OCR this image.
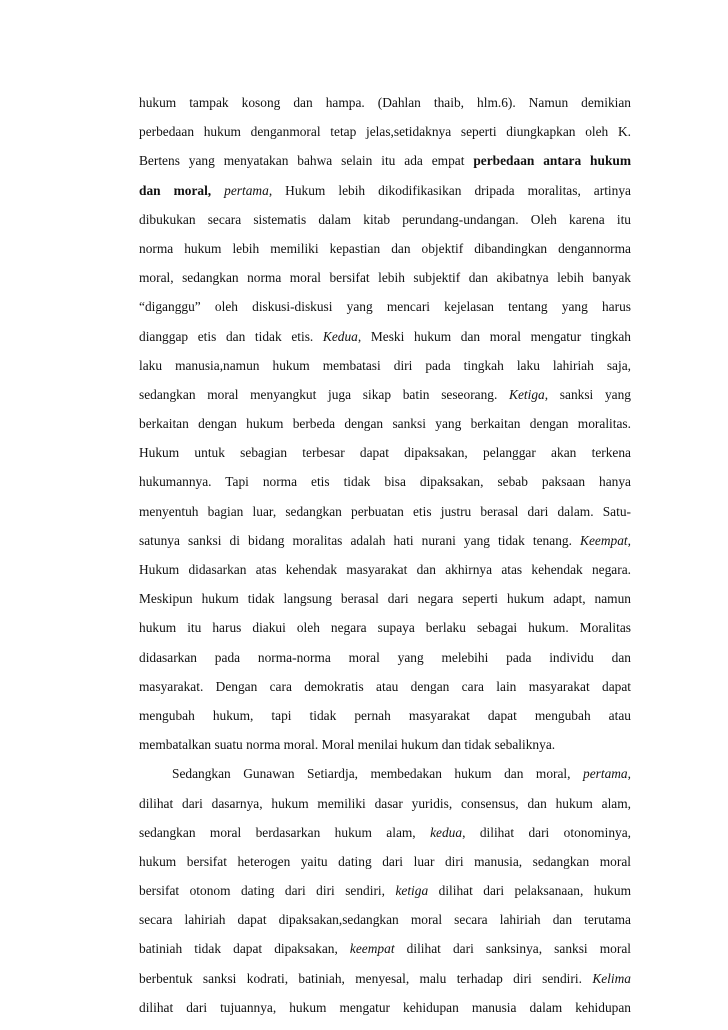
hukum tampak kosong dan hampa. (Dahlan thaib, hlm.6). Namun demikian
perbedaan hukum denganmoral tetap jelas,setidaknya seperti diungkapkan oleh K.
Bertens yang menyatakan bahwa selain itu ada empat perbedaan antara hukum
dan moral, pertama, Hukum lebih dikodifikasikan dripada moralitas, artinya
dibukukan secara sistematis dalam kitab perundang-undangan. Oleh karena itu
norma hukum lebih memiliki kepastian dan objektif dibandingkan dengannorma
moral, sedangkan norma moral bersifat lebih subjektif dan akibatnya lebih banyak
“diganggu” oleh diskusi-diskusi yang mencari kejelasan tentang yang harus
dianggap etis dan tidak etis. Kedua, Meski hukum dan moral mengatur tingkah
laku manusia,namun hukum membatasi diri pada tingkah laku lahiriah saja,
sedangkan moral menyangkut juga sikap batin seseorang. Ketiga, sanksi yang
berkaitan dengan hukum berbeda dengan sanksi yang berkaitan dengan moralitas.
Hukum untuk sebagian terbesar dapat dipaksakan, pelanggar akan terkena
hukumannya. Tapi norma etis tidak bisa dipaksakan, sebab paksaan hanya
menyentuh bagian luar, sedangkan perbuatan etis justru berasal dari dalam. Satu-
satunya sanksi di bidang moralitas adalah hati nurani yang tidak tenang. Keempat,
Hukum didasarkan atas kehendak masyarakat dan akhirnya atas kehendak negara.
Meskipun hukum tidak langsung berasal dari negara seperti hukum adapt, namun
hukum itu harus diakui oleh negara supaya berlaku sebagai hukum. Moralitas
didasarkan pada norma-norma moral yang melebihi pada individu dan
masyarakat. Dengan cara demokratis atau dengan cara lain masyarakat dapat
mengubah hukum, tapi tidak pernah masyarakat dapat mengubah atau
membatalkan suatu norma moral. Moral menilai hukum dan tidak sebaliknya.
Sedangkan Gunawan Setiardja, membedakan hukum dan moral, pertama,
dilihat dari dasarnya, hukum memiliki dasar yuridis, consensus, dan hukum alam,
sedangkan moral berdasarkan hukum alam, kedua, dilihat dari otonominya,
hukum bersifat heterogen yaitu dating dari luar diri manusia, sedangkan moral
bersifat otonom dating dari diri sendiri, ketiga dilihat dari pelaksanaan, hukum
secara lahiriah dapat dipaksakan,sedangkan moral secara lahiriah dan terutama
batiniah tidak dapat dipaksakan, keempat dilihat dari sanksinya, sanksi moral
berbentuk sanksi kodrati, batiniah, menyesal, malu terhadap diri sendiri. Kelima
dilihat dari tujuannya, hukum mengatur kehidupan manusia dalam kehidupan
